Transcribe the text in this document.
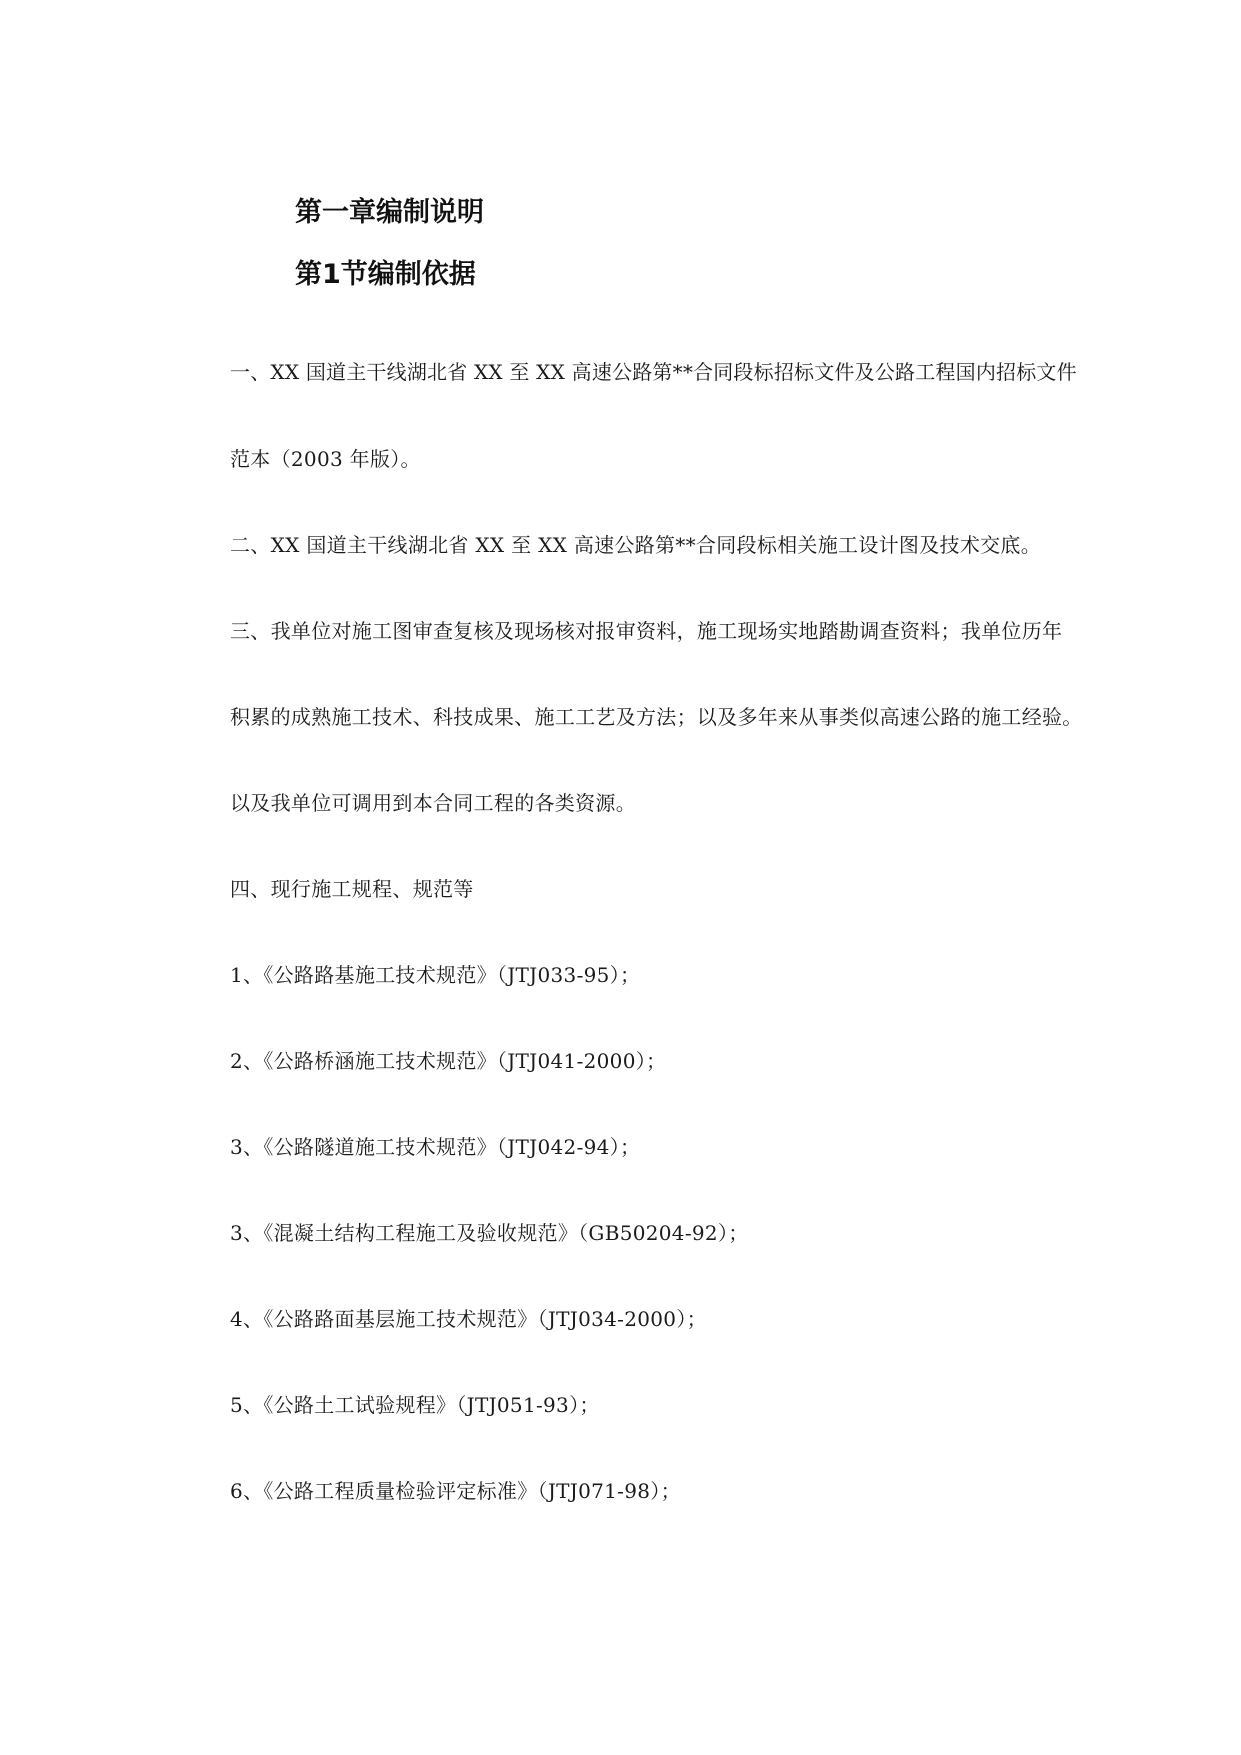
第一章编制说明
第1节编制依据
一、XX 国道主干线湖北省 XX 至 XX 高速公路第**合同段标招标文件及公路工程国内招标文件
范本（2003 年版）。
二、XX 国道主干线湖北省 XX 至 XX 高速公路第**合同段标相关施工设计图及技术交底。
三、我单位对施工图审查复核及现场核对报审资料，施工现场实地踏勘调查资料；我单位历年
积累的成熟施工技术、科技成果、施工工艺及方法；以及多年来从事类似高速公路的施工经验。
以及我单位可调用到本合同工程的各类资源。
四、现行施工规程、规范等
1、《公路路基施工技术规范》（JTJ033-95）；
2、《公路桥涵施工技术规范》（JTJ041-2000）；
3、《公路隧道施工技术规范》（JTJ042-94）；
3、《混凝土结构工程施工及验收规范》（GB50204-92）；
4、《公路路面基层施工技术规范》（JTJ034-2000）；
5、《公路土工试验规程》（JTJ051-93）；
6、《公路工程质量检验评定标准》（JTJ071-98）；
